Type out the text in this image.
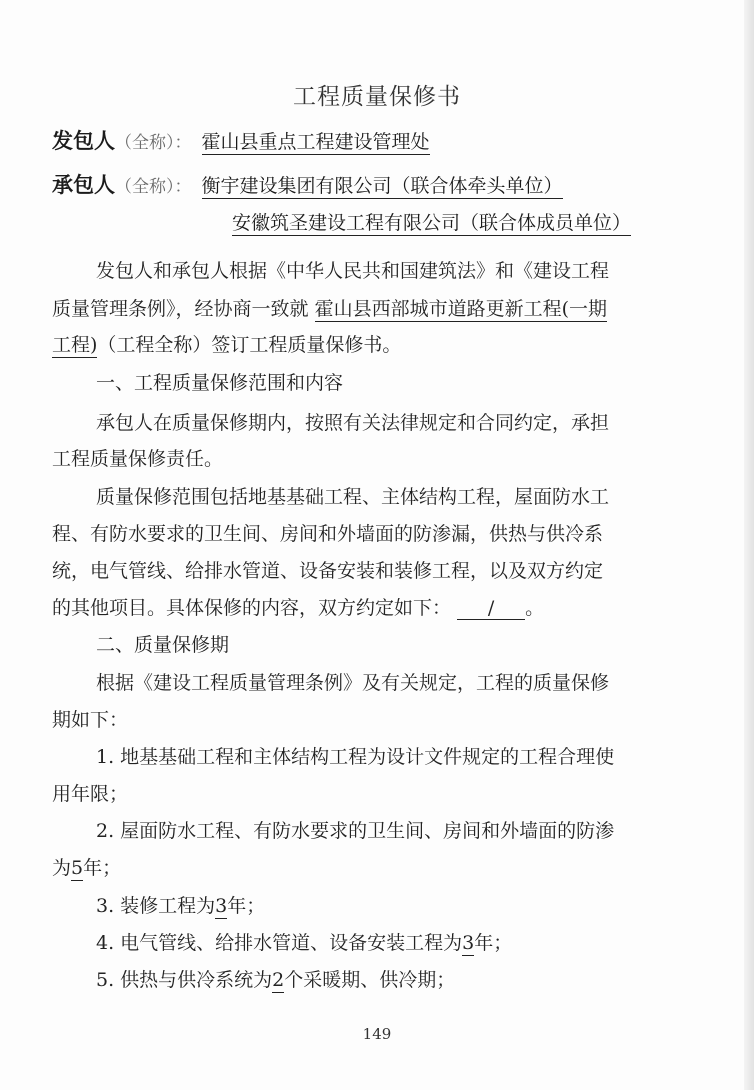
工程质量保修书
发包人（全称）： 霍山县重点工程建设管理处
承包人（全称）： 衡宇建设集团有限公司（联合体牵头单位）
安徽筑圣建设工程有限公司（联合体成员单位）
发包人和承包人根据《中华人民共和国建筑法》和《建设工程
质量管理条例》，经协商一致就 霍山县西部城市道路更新工程(一期
工程)（工程全称）签订工程质量保修书。
一、工程质量保修范围和内容
承包人在质量保修期内，按照有关法律规定和合同约定，承担
工程质量保修责任。
质量保修范围包括地基基础工程、主体结构工程，屋面防水工
程、有防水要求的卫生间、房间和外墙面的防渗漏，供热与供冷系
统，电气管线、给排水管道、设备安装和装修工程，以及双方约定
的其他项目。具体保修的内容，双方约定如下： / 。
二、质量保修期
根据《建设工程质量管理条例》及有关规定，工程的质量保修
期如下：
1. 地基基础工程和主体结构工程为设计文件规定的工程合理使
用年限；
2. 屋面防水工程、有防水要求的卫生间、房间和外墙面的防渗
为5年；
3. 装修工程为3年；
4. 电气管线、给排水管道、设备安装工程为3年；
5. 供热与供冷系统为2个采暖期、供冷期；
149
